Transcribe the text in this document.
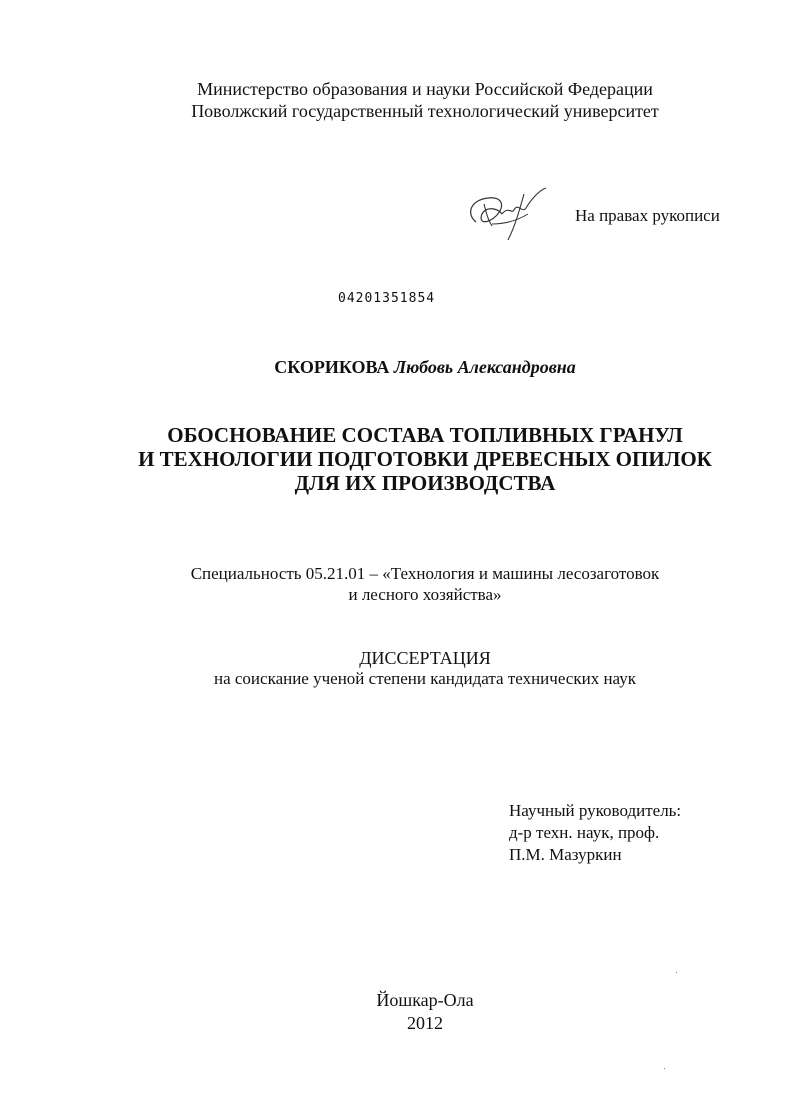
Министерство образования и науки Российской Федерации
Поволжский государственный технологический университет
На правах рукописи
04201351854
СКОРИКОВА Любовь Александровна
ОБОСНОВАНИЕ СОСТАВА ТОПЛИВНЫХ ГРАНУЛ
И ТЕХНОЛОГИИ ПОДГОТОВКИ ДРЕВЕСНЫХ ОПИЛОК
ДЛЯ ИХ ПРОИЗВОДСТВА
Специальность 05.21.01 – «Технология и машины лесозаготовок
и лесного хозяйства»
ДИССЕРТАЦИЯ
на соискание ученой степени кандидата технических наук
Научный руководитель:
д-р техн. наук, проф.
П.М. Мазуркин
Йошкар-Ола
2012
